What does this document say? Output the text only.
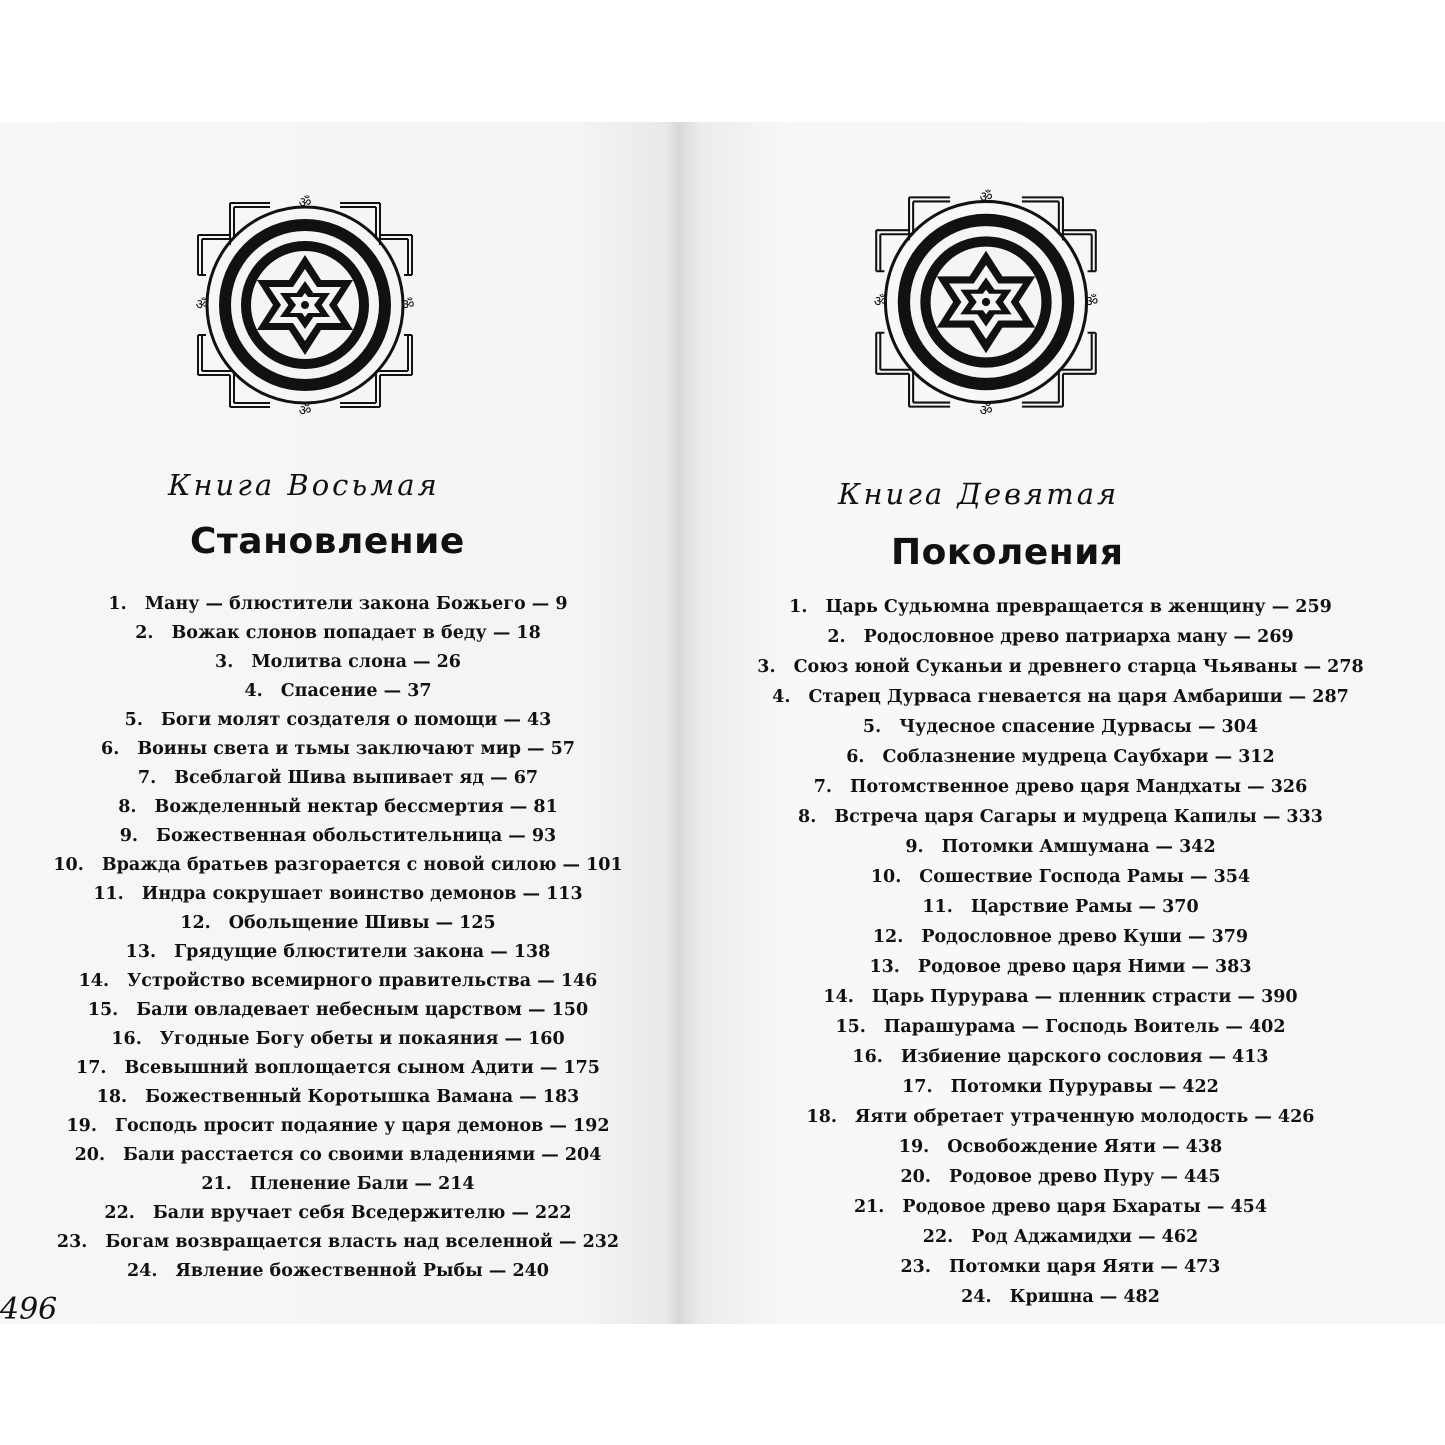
ॐ
ॐ
ॐ	ॐ
Книга Восьмая
Становление
1. Ману — блюстители закона Божьего — 9
2. Вожак слонов попадает в беду — 18
3. Молитва слона — 26
4. Спасение — 37
5. Боги молят создателя о помощи — 43
6. Воины света и тьмы заключают мир — 57
7. Всеблагой Шива выпивает яд — 67
8. Вожделенный нектар бессмертия — 81
9. Божественная обольстительница — 93
10. Вражда братьев разгорается с новой силою — 101
11. Индра сокрушает воинство демонов — 113
12. Обольщение Шивы — 125
13. Грядущие блюстители закона — 138
14. Устройство всемирного правительства — 146
15. Бали овладевает небесным царством — 150
16. Угодные Богу обеты и покаяния — 160
17. Всевышний воплощается сыном Адити — 175
18. Божественный Коротышка Вамана — 183
19. Господь просит подаяние у царя демонов — 192
20. Бали расстается со своими владениями — 204
21. Пленение Бали — 214
22. Бали вручает себя Вседержителю — 222
23. Богам возвращается власть над вселенной — 232
24. Явление божественной Рыбы — 240
496
ॐ
ॐ
ॐ	ॐ
Книга Девятая
Поколения
1. Царь Судьюмна превращается в женщину — 259
2. Родословное древо патриарха ману — 269
3. Союз юной Суканьи и древнего старца Чьяваны — 278
4. Старец Дурваса гневается на царя Амбариши — 287
5. Чудесное спасение Дурвасы — 304
6. Соблазнение мудреца Саубхари — 312
7. Потомственное древо царя Мандхаты — 326
8. Встреча царя Сагары и мудреца Капилы — 333
9. Потомки Амшумана — 342
10. Сошествие Господа Рамы — 354
11. Царствие Рамы — 370
12. Родословное древо Куши — 379
13. Родовое древо царя Ними — 383
14. Царь Пуруравa — пленник страсти — 390
15. Парашурама — Господь Воитель — 402
16. Избиение царского сословия — 413
17. Потомки Пуруравы — 422
18. Яяти обретает утраченную молодость — 426
19. Освобождение Яяти — 438
20. Родовое древо Пуру — 445
21. Родовое древо царя Бхараты — 454
22. Род Аджамидхи — 462
23. Потомки царя Яяти — 473
24. Кришна — 482
